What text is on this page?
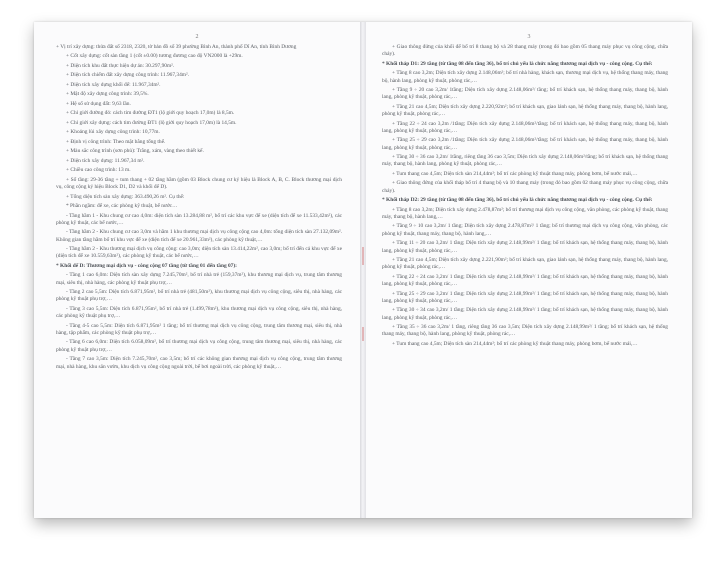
2

+ Vị trí xây dựng: thửa đất số 2318, 2320, tờ bản đồ số 39 phường Bình An, thành phố Dĩ An, tỉnh Bình Dương

+ Cốt xây dựng: cốt sàn tầng 1 (cốt ±0.00) tương đương cao độ VN2000 là +29m.

+ Diện tích khu đất thực hiện dự án: 30.297,90m².

+ Diện tích chiếm đất xây dựng công trình: 11.967,34m².

+ Diện tích xây dựng khối đế: 11.967,34m².

+ Mật độ xây dựng công trình: 39,5%.

+ Hệ số sử dụng đất: 9,63 lần.

+ Chỉ giới đường đỏ: cách tim đường ĐT1 (lộ giới quy hoạch 17,0m) là 8,5m.

+ Chỉ giới xây dựng: cách tim đường ĐT1 (lộ giới quy hoạch 17,0m) là 14,5m.

+ Khoảng lùi xây dựng công trình: 10,77m.

+ Định vị công trình: Theo mặt bằng tổng thể.

+ Màu sắc công trình (sơn phủ): Trắng, xám, vàng theo thiết kế.

+ Diện tích xây dựng: 11.967,34 m².

+ Chiều cao công trình: 13 m.

+ Số tầng: 29-36 tầng + tum thang + 02 tầng hầm (gồm 03 Block chung cư ký hiệu là Block A, B, C. Block thương mại dịch vụ, công cộng ký hiệu Block D1, D2 và khối đế D).

+ Tổng diện tích sàn xây dựng: 363.490,26 m². Cụ thể:

* Phần ngầm: để xe, các phòng kỹ thuật, bể nước…

- Tầng hầm 1 - Khu chung cư cao 4,0m: diện tích sàn 13.284,88 m², bố trí các khu vực để xe (diện tích để xe 11.533,42m²), các phòng kỹ thuật, các bể nước,…

- Tầng hầm 2 - Khu chung cư cao 3,0m và hầm 1 khu thương mại dịch vụ công cộng cao 4,0m: tổng diện tích sàn 27.132,09m². Không gian tầng hầm bố trí khu vực để xe (diện tích để xe 20.961,33m²), các phòng kỹ thuật,…

- Tầng hầm 2 - Khu thương mại dịch vụ công cộng: cao 3,0m; diện tích sàn 13.414,22m², cao 3,0m; bố trí đến cả khu vực để xe (diện tích để xe 10.559,63m²), các phòng kỹ thuật, các bể nước,…

* Khối đế D: Thương mại dịch vụ - công cộng 07 tầng (từ tầng 01 đến tầng 07):

- Tầng 1 cao 6,0m: Diện tích sàn xây dựng 7.245,70m², bố trí nhà trẻ (159,37m²), khu thương mại dịch vụ, trung tâm thương mại, siêu thị, nhà hàng, các phòng kỹ thuật phụ trợ,…

- Tầng 2 cao 5,5m: Diện tích 6.871,95m², bố trí nhà trẻ (481,50m²), khu thương mại dịch vụ công cộng, siêu thị, nhà hàng, các phòng kỹ thuật phụ trợ,…

- Tầng 3 cao 5,5m: Diện tích 6.871,95m², bố trí nhà trẻ (1.499,78m²), khu thương mại dịch vụ công cộng, siêu thị, nhà hàng, các phòng kỹ thuật phụ trợ,…

- Tầng 4-5 cao 5,5m: Diện tích 6.871,95m² 1 tầng; bố trí thương mại dịch vụ công cộng, trung tâm thương mại, siêu thị, nhà hàng, tập phẩm, các phòng kỹ thuật phụ trợ,…

- Tầng 6 cao 6,0m: Diện tích 6.058,09m², bố trí thương mại dịch vụ công cộng, trung tâm thương mại, siêu thị, nhà hàng, các phòng kỹ thuật phụ trợ,…

- Tầng 7 cao 3,5m: Diện tích 7.245,70m², cao 3,5m; bố trí các không gian thương mại dịch vụ công cộng, trung tâm thương mại, nhà hàng, khu sân vườn, khu dịch vụ công cộng ngoài trời, bể bơi ngoài trời, các phòng kỹ thuật,…

3

+ Giao thông đứng của khối đế bố trí 8 thang bộ và 28 thang máy (trong đó bao gồm 05 thang máy phục vụ công cộng, chữa cháy).

* Khối tháp D1: 29 tầng (từ tầng 08 đến tầng 36), bố trí chủ yếu là chức năng thương mại dịch vụ - công cộng. Cụ thể:

+ Tầng 8 cao 3,2m; Diện tích xây dựng 2.148,06m²; bố trí nhà hàng, khách sạn, thương mại dịch vụ, hệ thống thang máy, thang bộ, hành lang, phòng kỹ thuật, phòng rác,…

+ Tầng 9 ÷ 20 cao 3,2m/ 1tầng; Diện tích xây dựng 2.148,06m²/ tầng; bố trí khách sạn, hệ thống thang máy, thang bộ, hành lang, phòng kỹ thuật, phòng rác,…

+ Tầng 21 cao 4,5m; Diện tích xây dựng 2.220,92m²; bố trí khách sạn, giao lánh sạn, hệ thống thang máy, thang bộ, hành lang, phòng kỹ thuật, phòng rác,…

+ Tầng 22 ÷ 24 cao 3,2m /1tầng; Diện tích xây dựng 2.148,06m²/tầng; bố trí khách sạn, hệ thống thang máy, thang bộ, hành lang, phòng kỹ thuật, phòng rác,…

+ Tầng 25 ÷ 29 cao 3,2m /1tầng; Diện tích xây dựng 2.148,06m²/tầng; bố trí khách sạn, hệ thống thang máy, thang bộ, hành lang, phòng kỹ thuật, phòng rác,…

+ Tầng 30 ÷ 36 cao 3,2m/ 1tầng, riêng tầng 36 cao 3,5m; Diện tích xây dựng 2.148,06m²/tầng; bố trí khách sạn, hệ thống thang máy, thang bộ, hành lang, phòng kỹ thuật, phòng rác,…

+ Tum thang cao 4,5m; Diện tích sàn 214,44m²; bố trí các phòng kỹ thuật thang máy, phòng bơm, bể nước mái,…

+ Giao thông đứng của khối tháp bố trí 4 thang bộ và 10 thang máy (trong đó bao gồm 02 thang máy phục vụ công cộng, chữa cháy).

* Khối tháp D2: 29 tầng (từ tầng 08 đến tầng 36), bố trí chủ yếu là chức năng thương mại dịch vụ - công cộng. Cụ thể:

+ Tầng 8 cao 3,2m; Diện tích xây dựng 2.478,87m²; bố trí thương mại dịch vụ công cộng, văn phòng, các phòng kỹ thuật, thang máy, thang bộ, hành lang,…

+ Tầng 9 ÷ 10 cao 3,2m/ 1 tầng; Diện tích xây dựng 2.478,87m²/ 1 tầng; bố trí thương mại dịch vụ công cộng, văn phòng, các phòng kỹ thuật, thang máy, thang bộ, hành lang,…

+ Tầng 11 ÷ 20 cao 3,2m/ 1 tầng; Diện tích xây dựng 2.148,99m²/ 1 tầng; bố trí khách sạn, hệ thống thang máy, thang bộ, hành lang, phòng kỹ thuật, phòng rác,…

+ Tầng 21 cao 4,5m; Diện tích xây dựng 2.221,90m²; bố trí khách sạn, giao lánh sạn, hệ thống thang máy, thang bộ, hành lang, phòng kỹ thuật, phòng rác,…

+ Tầng 22 ÷ 24 cao 3,2m/ 1 tầng; Diện tích xây dựng 2.148,99m²/ 1 tầng; bố trí khách sạn, hệ thống thang máy, thang bộ, hành lang, phòng kỹ thuật, phòng rác,…

+ Tầng 25 ÷ 29 cao 3,2m/ 1 tầng; Diện tích xây dựng 2.148,99m²/ 1 tầng; bố trí khách sạn, hệ thống thang máy, thang bộ, hành lang, phòng kỹ thuật, phòng rác,…

+ Tầng 30 ÷ 34 cao 3,2m/ 1 tầng; Diện tích xây dựng 2.148,99m²/ 1 tầng; bố trí khách sạn, hệ thống thang máy, thang bộ, hành lang, phòng kỹ thuật, phòng rác,…

+ Tầng 35 ÷ 36 cao 3,2m/ 1 tầng, riêng tầng 36 cao 3,5m; Diện tích xây dựng 2.148,99m²/ 1 tầng; bố trí khách sạn, hệ thống thang máy, thang bộ, hành lang, phòng kỹ thuật, phòng rác,…

+ Tum thang cao 4,5m; Diện tích sàn 214,44m²; bố trí các phòng kỹ thuật thang máy, phòng bơm, bể nước mái,…
